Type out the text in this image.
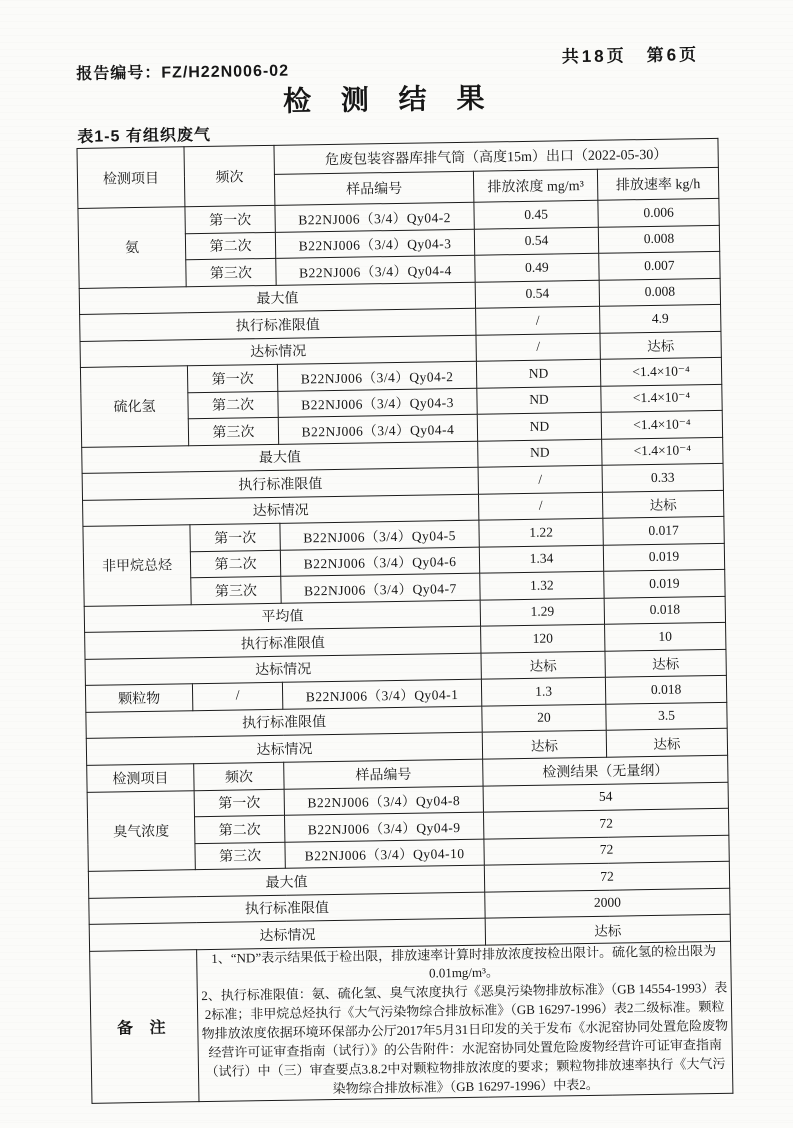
报告编号：FZ/H22N006-02
共18页　第6页
检 测 结 果
表1-5 有组织废气
检测项目	频次	危废包装容器库排气筒（高度15m）出口（2022-05-30）		
		样品编号	排放浓度 mg/m³	排放速率 kg/h
氨	第一次	B22NJ006（3/4）Qy04-2	0.45	0.006
	第二次	B22NJ006（3/4）Qy04-3	0.54	0.008
	第三次	B22NJ006（3/4）Qy04-4	0.49	0.007
最大值			0.54	0.008
执行标准限值			/	4.9
达标情况			/	达标
硫化氢	第一次	B22NJ006（3/4）Qy04-2	ND	<1.4×10⁻⁴
	第二次	B22NJ006（3/4）Qy04-3	ND	<1.4×10⁻⁴
	第三次	B22NJ006（3/4）Qy04-4	ND	<1.4×10⁻⁴
最大值			ND	<1.4×10⁻⁴
执行标准限值			/	0.33
达标情况			/	达标
非甲烷总烃	第一次	B22NJ006（3/4）Qy04-5	1.22	0.017
	第二次	B22NJ006（3/4）Qy04-6	1.34	0.019
	第三次	B22NJ006（3/4）Qy04-7	1.32	0.019
平均值			1.29	0.018
执行标准限值			120	10
达标情况			达标	达标
颗粒物	/	B22NJ006（3/4）Qy04-1	1.3	0.018
执行标准限值			20	3.5
达标情况			达标	达标
检测项目	频次	样品编号	检测结果（无量纲）	
臭气浓度	第一次	B22NJ006（3/4）Qy04-8	54	
	第二次	B22NJ006（3/4）Qy04-9	72	
	第三次	B22NJ006（3/4）Qy04-10	72	
最大值			72	
执行标准限值			2000	
达标情况			达标	
备 注	1、“ND”表示结果低于检出限，排放速率计算时排放浓度按检出限计。硫化氢的检出限为0.01mg/m³。
2、执行标准限值：氨、硫化氢、臭气浓度执行《恶臭污染物排放标准》（GB 14554-1993）表2标准；非甲烷总烃执行《大气污染物综合排放标准》（GB 16297-1996）表2二级标准。颗粒物排放浓度依据环境环保部办公厅2017年5月31日印发的关于发布《水泥窑协同处置危险废物经营许可证审查指南（试行）》的公告附件：水泥窑协同处置危险废物经营许可证审查指南（试行）中（三）审查要点3.8.2中对颗粒物排放浓度的要求；颗粒物排放速率执行《大气污染物综合排放标准》（GB 16297-1996）中表2。			
